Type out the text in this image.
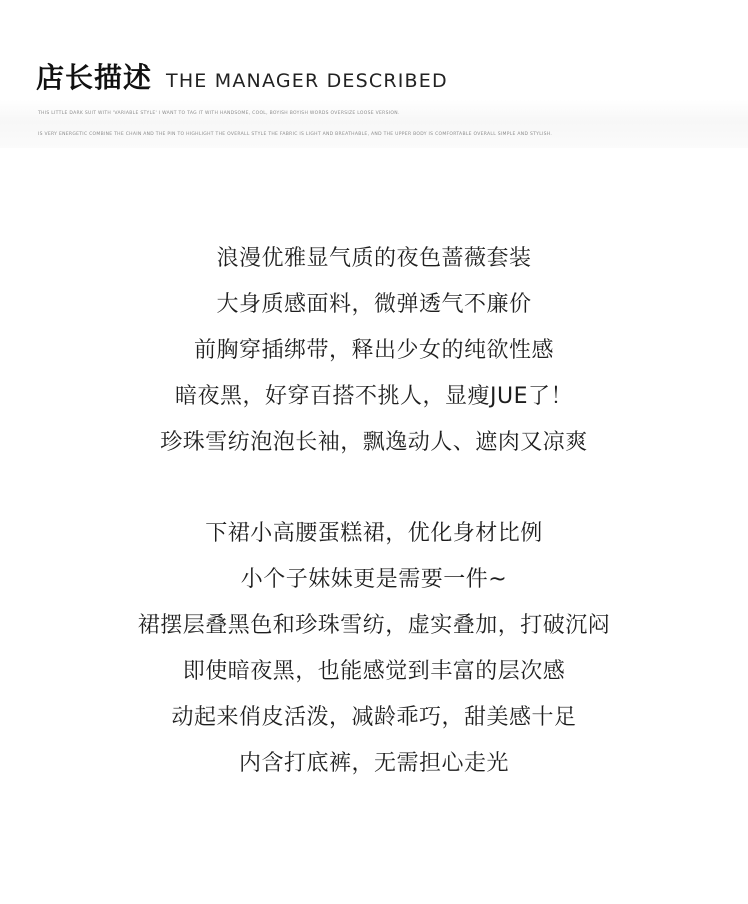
店长描述 THE MANAGER DESCRIBED
THIS LITTLE DARK SUIT WITH 'VARIABLE STYLE' I WANT TO TAG IT WITH HANDSOME, COOL, BOYISH BOYISH WORDS OVERSIZE LOOSE VERSION.
IS VERY ENERGETIC COMBINE THE CHAIN AND THE PIN TO HIGHLIGHT THE OVERALL STYLE THE FABRIC IS LIGHT AND BREATHABLE, AND THE UPPER BODY IS COMFORTABLE OVERALL SIMPLE AND STYLISH.
浪漫优雅显气质的夜色蔷薇套装
大身质感面料，微弹透气不廉价
前胸穿插绑带，释出少女的纯欲性感
暗夜黑，好穿百搭不挑人，显瘦JUE了！
珍珠雪纺泡泡长袖，飘逸动人、遮肉又凉爽
下裙小高腰蛋糕裙，优化身材比例
小个子妹妹更是需要一件~
裙摆层叠黑色和珍珠雪纺，虚实叠加，打破沉闷
即使暗夜黑，也能感觉到丰富的层次感
动起来俏皮活泼，减龄乖巧，甜美感十足
内含打底裤，无需担心走光
